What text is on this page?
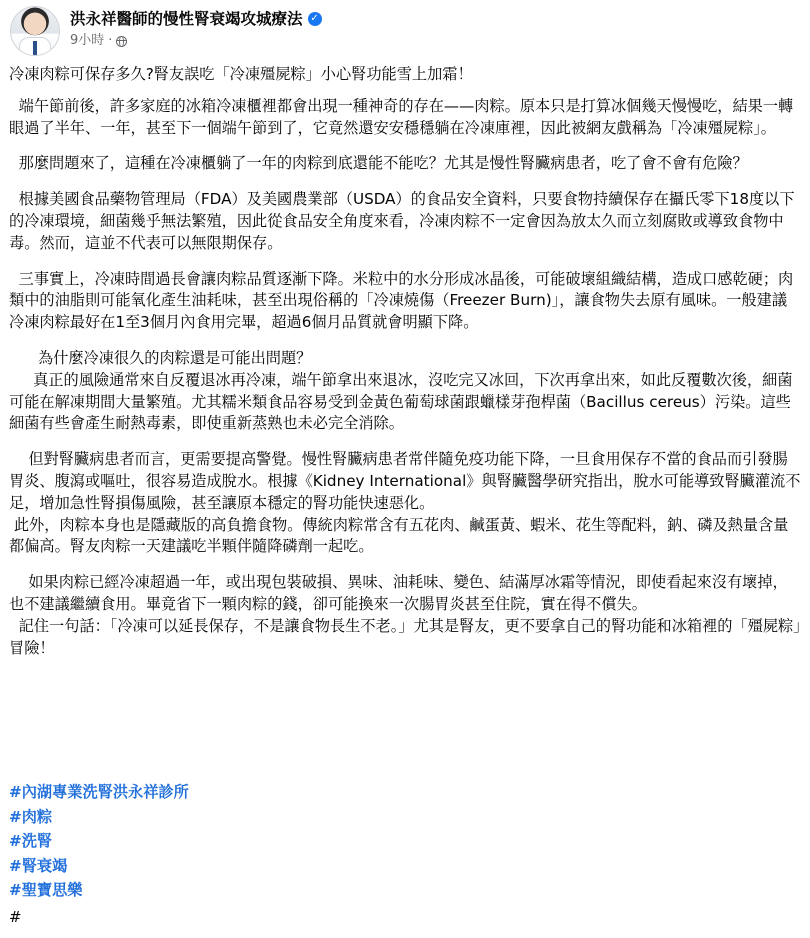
洪永祥醫師的慢性腎衰竭攻城療法 ✓
9小時 ·

冷凍肉粽可保存多久?腎友誤吃「冷凍殭屍粽」小心腎功能雪上加霜！

端午節前後，許多家庭的冰箱冷凍櫃裡都會出現一種神奇的存在——肉粽。原本只是打算冰個幾天慢慢吃，結果一轉眼過了半年、一年，甚至下一個端午節到了，它竟然還安安穩穩躺在冷凍庫裡，因此被網友戲稱為「冷凍殭屍粽」。

那麼問題來了，這種在冷凍櫃躺了一年的肉粽到底還能不能吃？尤其是慢性腎臟病患者，吃了會不會有危險？

根據美國食品藥物管理局（FDA）及美國農業部（USDA）的食品安全資料，只要食物持續保存在攝氏零下18度以下的冷凍環境，細菌幾乎無法繁殖，因此從食品安全角度來看，冷凍肉粽不一定會因為放太久而立刻腐敗或導致食物中毒。然而，這並不代表可以無限期保存。

三事實上，冷凍時間過長會讓肉粽品質逐漸下降。米粒中的水分形成冰晶後，可能破壞組織結構，造成口感乾硬；肉類中的油脂則可能氧化產生油耗味，甚至出現俗稱的「冷凍燒傷（Freezer Burn)」，讓食物失去原有風味。一般建議冷凍肉粽最好在1至3個月內食用完畢，超過6個月品質就會明顯下降。

為什麼冷凍很久的肉粽還是可能出問題？
真正的風險通常來自反覆退冰再冷凍，端午節拿出來退冰，沒吃完又冰回，下次再拿出來，如此反覆數次後，細菌可能在解凍期間大量繁殖。尤其糯米類食品容易受到金黃色葡萄球菌跟蠟樣芽孢桿菌（Bacillus cereus）污染。這些細菌有些會產生耐熱毒素，即使重新蒸熟也未必完全消除。

但對腎臟病患者而言，更需要提高警覺。慢性腎臟病患者常伴隨免疫功能下降，一旦食用保存不當的食品而引發腸胃炎、腹瀉或嘔吐，很容易造成脫水。根據《Kidney International》與腎臟醫學研究指出，脫水可能導致腎臟灌流不足，增加急性腎損傷風險，甚至讓原本穩定的腎功能快速惡化。
此外，肉粽本身也是隱藏版的高負擔食物。傳統肉粽常含有五花肉、鹹蛋黃、蝦米、花生等配料，鈉、磷及熱量含量都偏高。腎友肉粽一天建議吃半顆伴隨降磷劑一起吃。

如果肉粽已經冷凍超過一年，或出現包裝破損、異味、油耗味、變色、結滿厚冰霜等情況，即使看起來沒有壞掉，也不建議繼續食用。畢竟省下一顆肉粽的錢，卻可能換來一次腸胃炎甚至住院，實在得不償失。
記住一句話：「冷凍可以延長保存，不是讓食物長生不老。」尤其是腎友，更不要拿自己的腎功能和冰箱裡的「殭屍粽」冒險！

#內湖專業洗腎洪永祥診所
#肉粽
#洗腎
#腎衰竭
#聖寶思樂
#
